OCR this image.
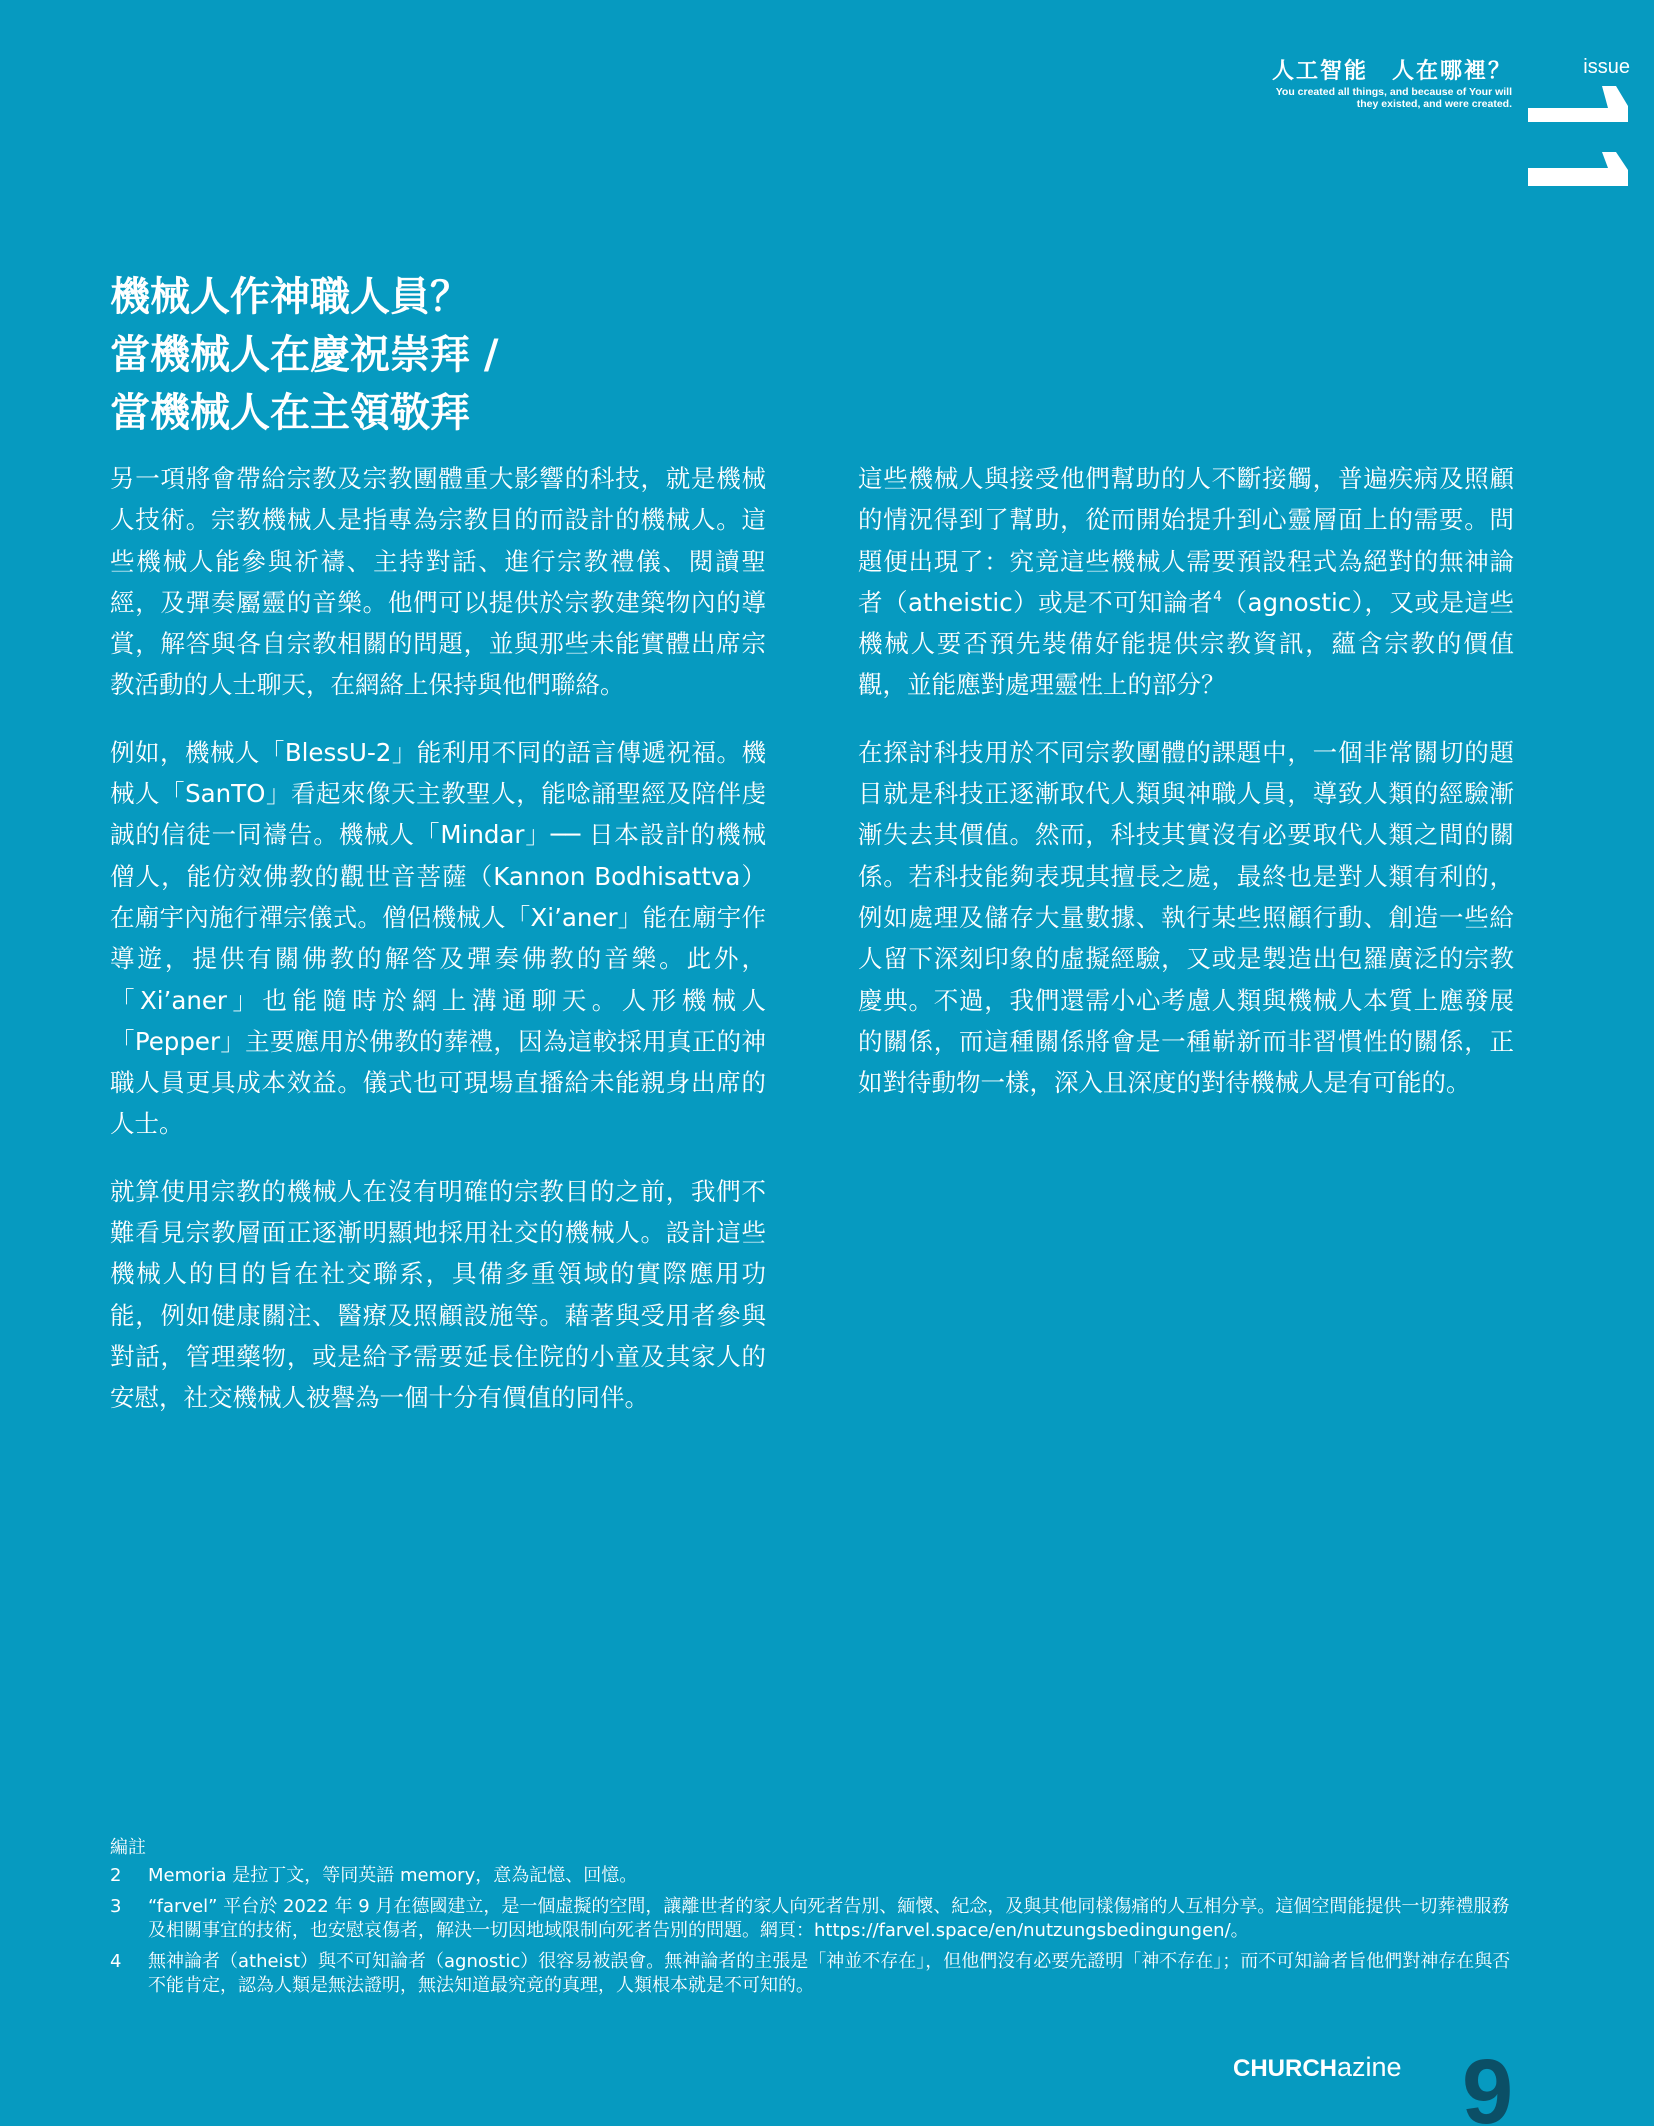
人工智能　人在哪裡？
You created all things, and because of Your will
they existed, and were created.
issue
機械人作神職人員？
當機械人在慶祝崇拜 /
當機械人在主領敬拜

另一項將會帶給宗教及宗教團體重大影響的科技，就是機械人技術。宗教機械人是指專為宗教目的而設計的機械人。這些機械人能參與祈禱、主持對話、進行宗教禮儀、閱讀聖經，及彈奏屬靈的音樂。他們可以提供於宗教建築物內的導賞，解答與各自宗教相關的問題，並與那些未能實體出席宗教活動的人士聊天，在網絡上保持與他們聯絡。

例如，機械人「BlessU-2」能利用不同的語言傳遞祝福。機械人「SanTO」看起來像天主教聖人，能唸誦聖經及陪伴虔誠的信徒一同禱告。機械人「Mindar」── 日本設計的機械僧人，能仿效佛教的觀世音菩薩（Kannon Bodhisattva）在廟宇內施行禪宗儀式。僧侶機械人「Xi’aner」能在廟宇作導遊，提供有關佛教的解答及彈奏佛教的音樂。此外，「Xi’aner」也能隨時於網上溝通聊天。人形機械人「Pepper」主要應用於佛教的葬禮，因為這較採用真正的神職人員更具成本效益。儀式也可現場直播給未能親身出席的人士。

就算使用宗教的機械人在沒有明確的宗教目的之前，我們不難看見宗教層面正逐漸明顯地採用社交的機械人。設計這些機械人的目的旨在社交聯系，具備多重領域的實際應用功能，例如健康關注、醫療及照顧設施等。藉著與受用者參與對話，管理藥物，或是給予需要延長住院的小童及其家人的安慰，社交機械人被譽為一個十分有價值的同伴。

這些機械人與接受他們幫助的人不斷接觸，普遍疾病及照顧的情況得到了幫助，從而開始提升到心靈層面上的需要。問題便出現了：究竟這些機械人需要預設程式為絕對的無神論者（atheistic）或是不可知論者$^4$（agnostic），又或是這些機械人要否預先裝備好能提供宗教資訊，蘊含宗教的價值觀，並能應對處理靈性上的部分？

在探討科技用於不同宗教團體的課題中，一個非常關切的題目就是科技正逐漸取代人類與神職人員，導致人類的經驗漸漸失去其價值。然而，科技其實沒有必要取代人類之間的關係。若科技能夠表現其擅長之處，最終也是對人類有利的，例如處理及儲存大量數據、執行某些照顧行動、創造一些給人留下深刻印象的虛擬經驗，又或是製造出包羅廣泛的宗教慶典。不過，我們還需小心考慮人類與機械人本質上應發展的關係，而這種關係將會是一種嶄新而非習慣性的關係，正如對待動物一樣，深入且深度的對待機械人是有可能的。

編註
2	Memoria 是拉丁文，等同英語 memory，意為記憶、回憶。
3	“farvel” 平台於 2022 年 9 月在德國建立，是一個虛擬的空間，讓離世者的家人向死者告別、緬懷、紀念，及與其他同樣傷痛的人互相分享。這個空間能提供一切葬禮服務及相關事宜的技術，也安慰哀傷者，解決一切因地域限制向死者告別的問題。網頁：https://farvel.space/en/nutzungsbedingungen/。
4	無神論者（atheist）與不可知論者（agnostic）很容易被誤會。無神論者的主張是「神並不存在」，但他們沒有必要先證明「神不存在」；而不可知論者旨他們對神存在與否不能肯定，認為人類是無法證明，無法知道最究竟的真理，人類根本就是不可知的。
CHURCHazine 9
